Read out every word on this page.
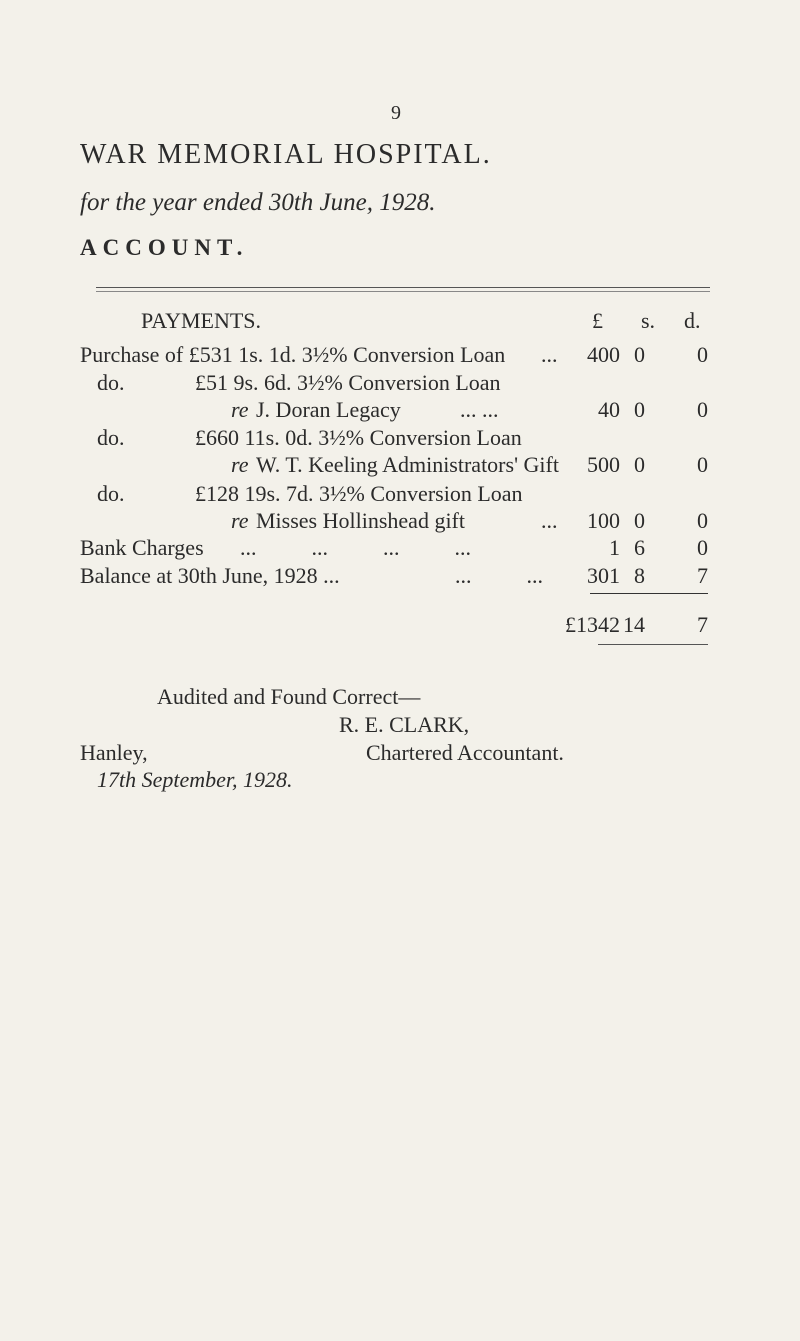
9
WAR MEMORIAL HOSPITAL.
for the year ended 30th June, 1928.
ACCOUNT.
PAYMENTS.	£ s. d.
Purchase of £531 1s. 1d. 3½% Conversion Loan ...	400 0	0
do.	£51 9s. 6d. 3½% Conversion Loan
re J. Doran Legacy	... ...	40 0	0
do.	£660 11s. 0d. 3½% Conversion Loan
re W. T. Keeling Administrators' Gift	500 0	0
do.	£128 19s. 7d. 3½% Conversion Loan
re Misses Hollinshead gift	...	100 0	0
Bank Charges ...          ...          ...          ...	1 6	0
Balance at 30th June, 1928 ...	...          ...	301 8	7
£1342 14	7
Audited and Found Correct—
R. E. CLARK,
Hanley,	Chartered Accountant.
17th September, 1928.
